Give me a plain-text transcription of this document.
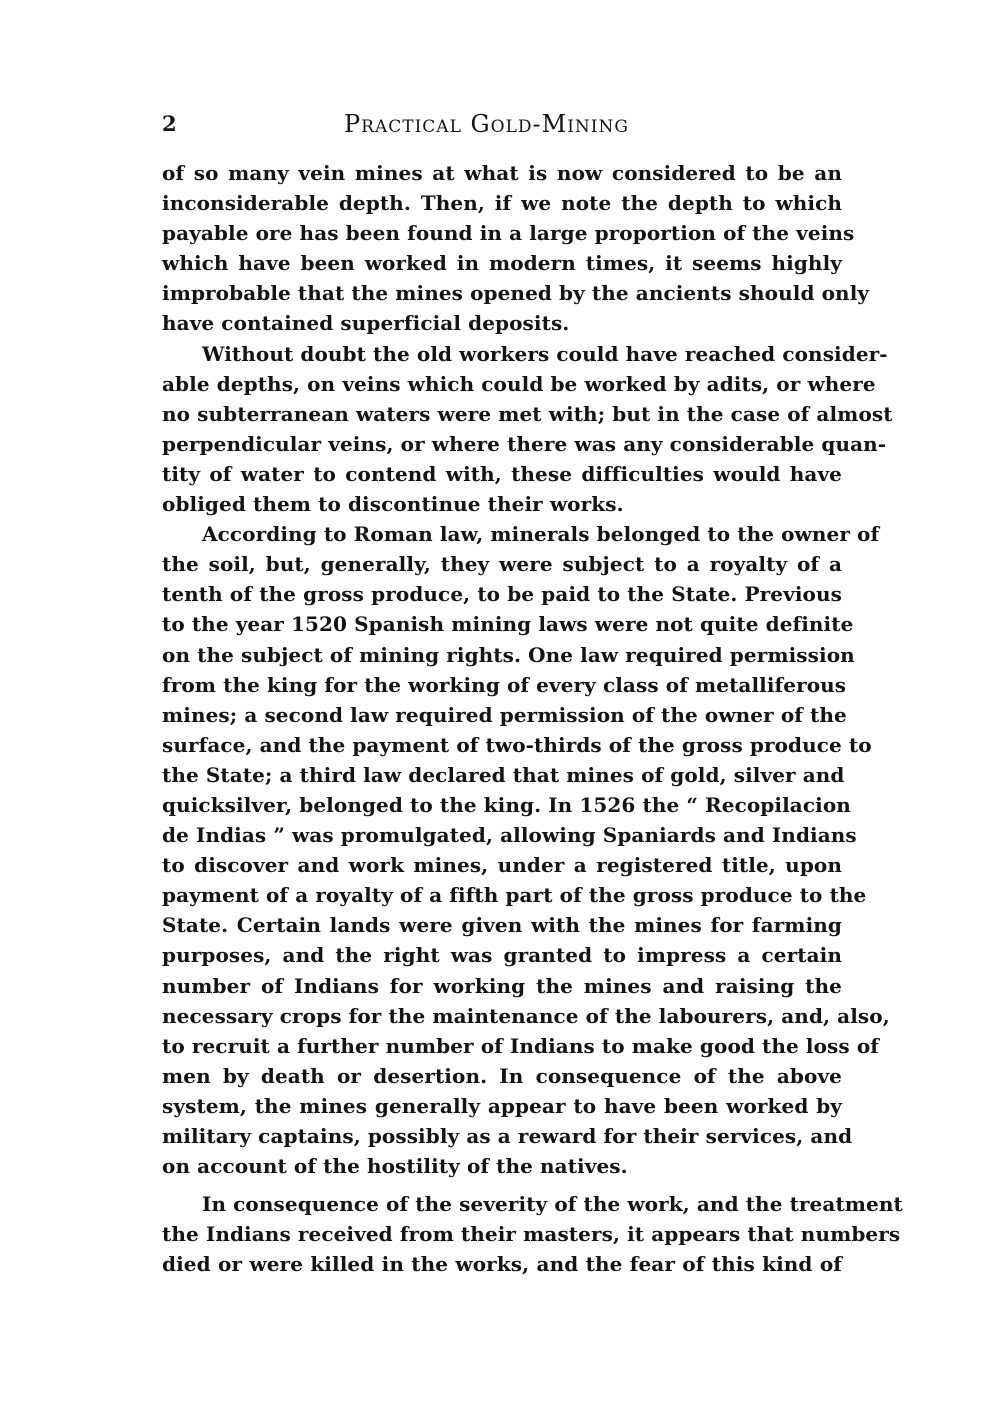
2	Practical Gold-Mining

of so many vein mines at what is now considered to be an
inconsiderable depth. Then, if we note the depth to which
payable ore has been found in a large proportion of the veins
which have been worked in modern times, it seems highly
improbable that the mines opened by the ancients should only
have contained superficial deposits.

Without doubt the old workers could have reached consider-
able depths, on veins which could be worked by adits, or where
no subterranean waters were met with; but in the case of almost
perpendicular veins, or where there was any considerable quan-
tity of water to contend with, these difficulties would have
obliged them to discontinue their works.

According to Roman law, minerals belonged to the owner of
the soil, but, generally, they were subject to a royalty of a
tenth of the gross produce, to be paid to the State. Previous
to the year 1520 Spanish mining laws were not quite definite
on the subject of mining rights. One law required permission
from the king for the working of every class of metalliferous
mines; a second law required permission of the owner of the
surface, and the payment of two-thirds of the gross produce to
the State; a third law declared that mines of gold, silver and
quicksilver, belonged to the king. In 1526 the “ Recopilacion
de Indias ” was promulgated, allowing Spaniards and Indians
to discover and work mines, under a registered title, upon
payment of a royalty of a fifth part of the gross produce to the
State. Certain lands were given with the mines for farming
purposes, and the right was granted to impress a certain
number of Indians for working the mines and raising the
necessary crops for the maintenance of the labourers, and, also,
to recruit a further number of Indians to make good the loss of
men by death or desertion. In consequence of the above
system, the mines generally appear to have been worked by
military captains, possibly as a reward for their services, and
on account of the hostility of the natives.

In consequence of the severity of the work, and the treatment
the Indians received from their masters, it appears that numbers
died or were killed in the works, and the fear of this kind of
